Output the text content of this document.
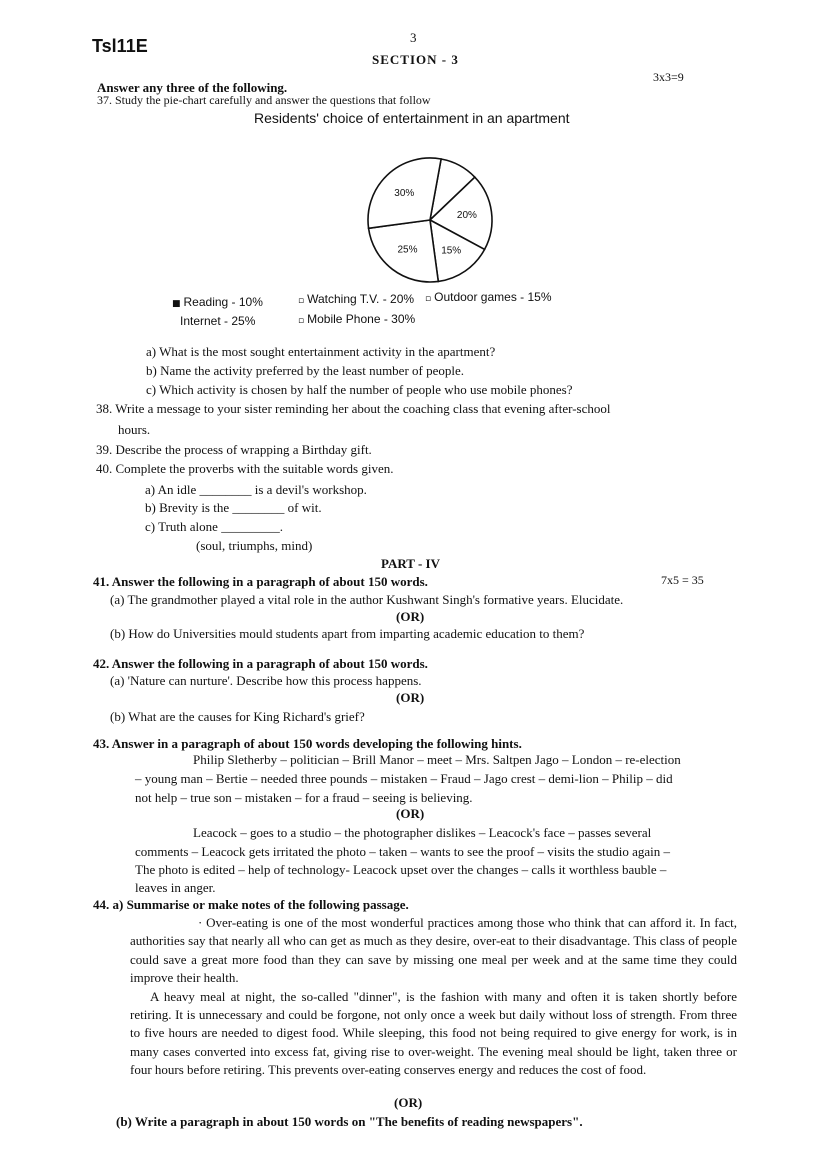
Tsl11E	3
SECTION - 3
Answer any three of the following.
3x3=9
37. Study the pie-chart carefully and answer the questions that follow
Residents' choice of entertainment in an apartment
20%
15%
25%
30%
■ Reading - 10%	▫ Watching T.V. - 20% ▫ Outdoor games - 15%
Internet - 25%	▫ Mobile Phone - 30%
a) What is the most sought entertainment activity in the apartment?
b) Name the activity preferred by the least number of people.
c) Which activity is chosen by half the number of people who use mobile phones?
38. Write a message to your sister reminding her about the coaching class that evening after-school
hours.
39. Describe the process of wrapping a Birthday gift.
40. Complete the proverbs with the suitable words given.
a) An idle ________ is a devil's workshop.
b) Brevity is the ________ of wit.
c) Truth alone _________.
(soul, triumphs, mind)
PART - IV
7x5 = 35
41. Answer the following in a paragraph of about 150 words.
(a) The grandmother played a vital role in the author Kushwant Singh's formative years. Elucidate.
(OR)
(b) How do Universities mould students apart from imparting academic education to them?
42. Answer the following in a paragraph of about 150 words.
(a) 'Nature can nurture'. Describe how this process happens.
(OR)
(b) What are the causes for King Richard's grief?
43. Answer in a paragraph of about 150 words developing the following hints.
Philip Sletherby – politician – Brill Manor – meet – Mrs. Saltpen Jago – London – re-election
– young man – Bertie – needed three pounds – mistaken – Fraud – Jago crest – demi-lion – Philip – did
not help – true son – mistaken – for a fraud – seeing is believing.
(OR)
Leacock – goes to a studio – the photographer dislikes – Leacock's face – passes several
comments – Leacock gets irritated the photo – taken – wants to see the proof – visits the studio again –
The photo is edited – help of technology- Leacock upset over the changes – calls it worthless bauble –
leaves in anger.
44. a) Summarise or make notes of the following passage.

· Over-eating is one of the most wonderful practices among those who think that can afford it. In fact, authorities say that nearly all who can get as much as they desire, over-eat to their disadvantage. This class of people could save a great more food than they can save by missing one meal per week and at the same time they could improve their health.

A heavy meal at night, the so-called "dinner", is the fashion with many and often it is taken shortly before retiring. It is unnecessary and could be forgone, not only once a week but daily without loss of strength. From three to five hours are needed to digest food. While sleeping, this food not being required to give energy for work, is in many cases converted into excess fat, giving rise to over-weight. The evening meal should be light, taken three or four hours before retiring. This prevents over-eating conserves energy and reduces the cost of food.

(OR)
(b) Write a paragraph in about 150 words on "The benefits of reading newspapers".
